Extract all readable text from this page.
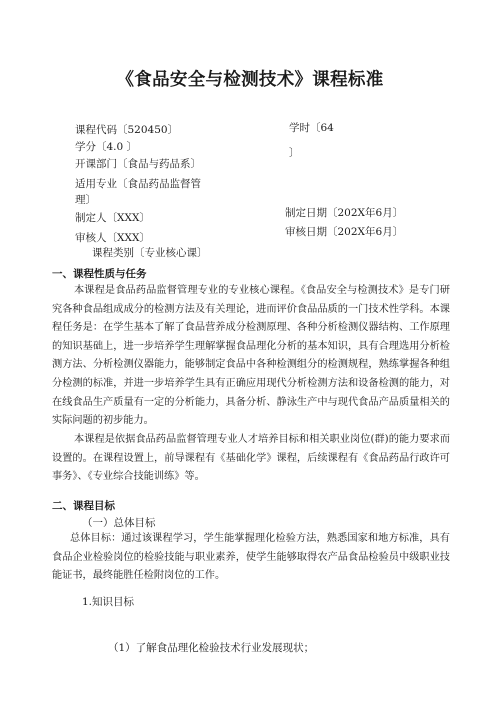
《食品安全与检测技术》课程标准
课程代码〔520450〕	学时〔64
〕
学分〔4.0 〕
开课部门〔食品与药品系〕
适用专业〔食品药品监督管
理〕
制定人〔XXX〕	制定日期〔202X年6月〕
审核人〔XXX〕	审核日期〔202X年6月〕
课程类别〔专业核心课〕
一、课程性质与任务
本课程是食品药品监督管理专业的专业核心课程。《食品安全与检测技术》是专门研究各种食品组成成分的检测方法及有关理论，进而评价食品品质的一门技术性学科。本课程任务是：在学生基本了解了食品营养成分检测原理、各种分析检测仪器结构、工作原理的知识基础上，进一步培养学生理解掌握食品理化分析的基本知识，具有合理选用分析检测方法、分析检测仪器能力，能够制定食品中各种检测组分的检测规程，熟练掌握各种组分检测的标准，并进一步培养学生具有正确应用现代分析检测方法和设备检测的能力，对在线食品生产质量有一定的分析能力，具备分析、静泳生产中与现代食品产品质量相关的实际问题的初步能力。
本课程是依据食品药品监督管理专业人才培养目标和相关职业岗位(群)的能力要求而设置的。在课程设置上，前导课程有《基础化学》课程，后续课程有《食品药品行政许可事务》、《专业综合技能训练》等。
二、课程目标
（一）总体目标
总体目标：通过该课程学习，学生能掌握理化检验方法，熟悉国家和地方标准，具有食品企业检验岗位的检验技能与职业素养，使学生能够取得农产品食品检验员中级职业技能证书，最终能胜任检附岗位的工作。
1.知识目标
（1）了解食品理化检验技术行业发展现状；
